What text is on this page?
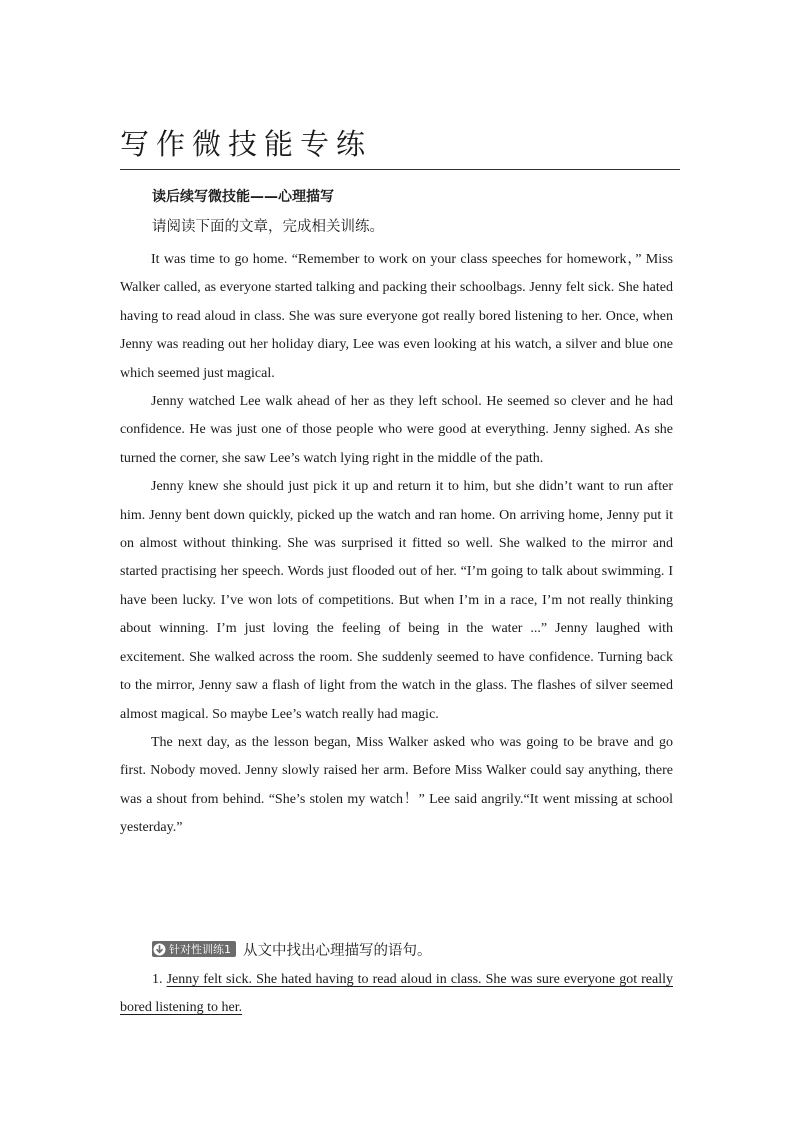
写作微技能专练
读后续写微技能——心理描写

请阅读下面的文章，完成相关训练。

It was time to go home. “Remember to work on your class speeches for homework，” Miss Walker called, as everyone started talking and packing their schoolbags. Jenny felt sick. She hated having to read aloud in class. She was sure everyone got really bored listening to her. Once, when Jenny was reading out her holiday diary, Lee was even looking at his watch, a silver and blue one which seemed just magical.

Jenny watched Lee walk ahead of her as they left school. He seemed so clever and he had confidence. He was just one of those people who were good at everything. Jenny sighed. As she turned the corner, she saw Lee’s watch lying right in the middle of the path.

Jenny knew she should just pick it up and return it to him, but she didn’t want to run after him. Jenny bent down quickly, picked up the watch and ran home. On arriving home, Jenny put it on almost without thinking. She was surprised it fitted so well. She walked to the mirror and started practising her speech. Words just flooded out of her. “I’m going to talk about swimming. I have been lucky. I’ve won lots of competitions. But when I’m in a race, I’m not really thinking about winning. I’m just loving the feeling of being in the water ...” Jenny laughed with excitement. She walked across the room. She suddenly seemed to have confidence. Turning back to the mirror, Jenny saw a flash of light from the watch in the glass. The flashes of silver seemed almost magical. So maybe Lee’s watch really had magic.

The next day, as the lesson began, Miss Walker asked who was going to be brave and go first. Nobody moved. Jenny slowly raised her arm. Before Miss Walker could say anything, there was a shout from behind. “She’s stolen my watch！” Lee said angrily.“It went missing at school yesterday.”

针对性训练1 从文中找出心理描写的语句。

1. Jenny felt sick. She hated having to read aloud in class. She was sure everyone got really bored listening to her.
